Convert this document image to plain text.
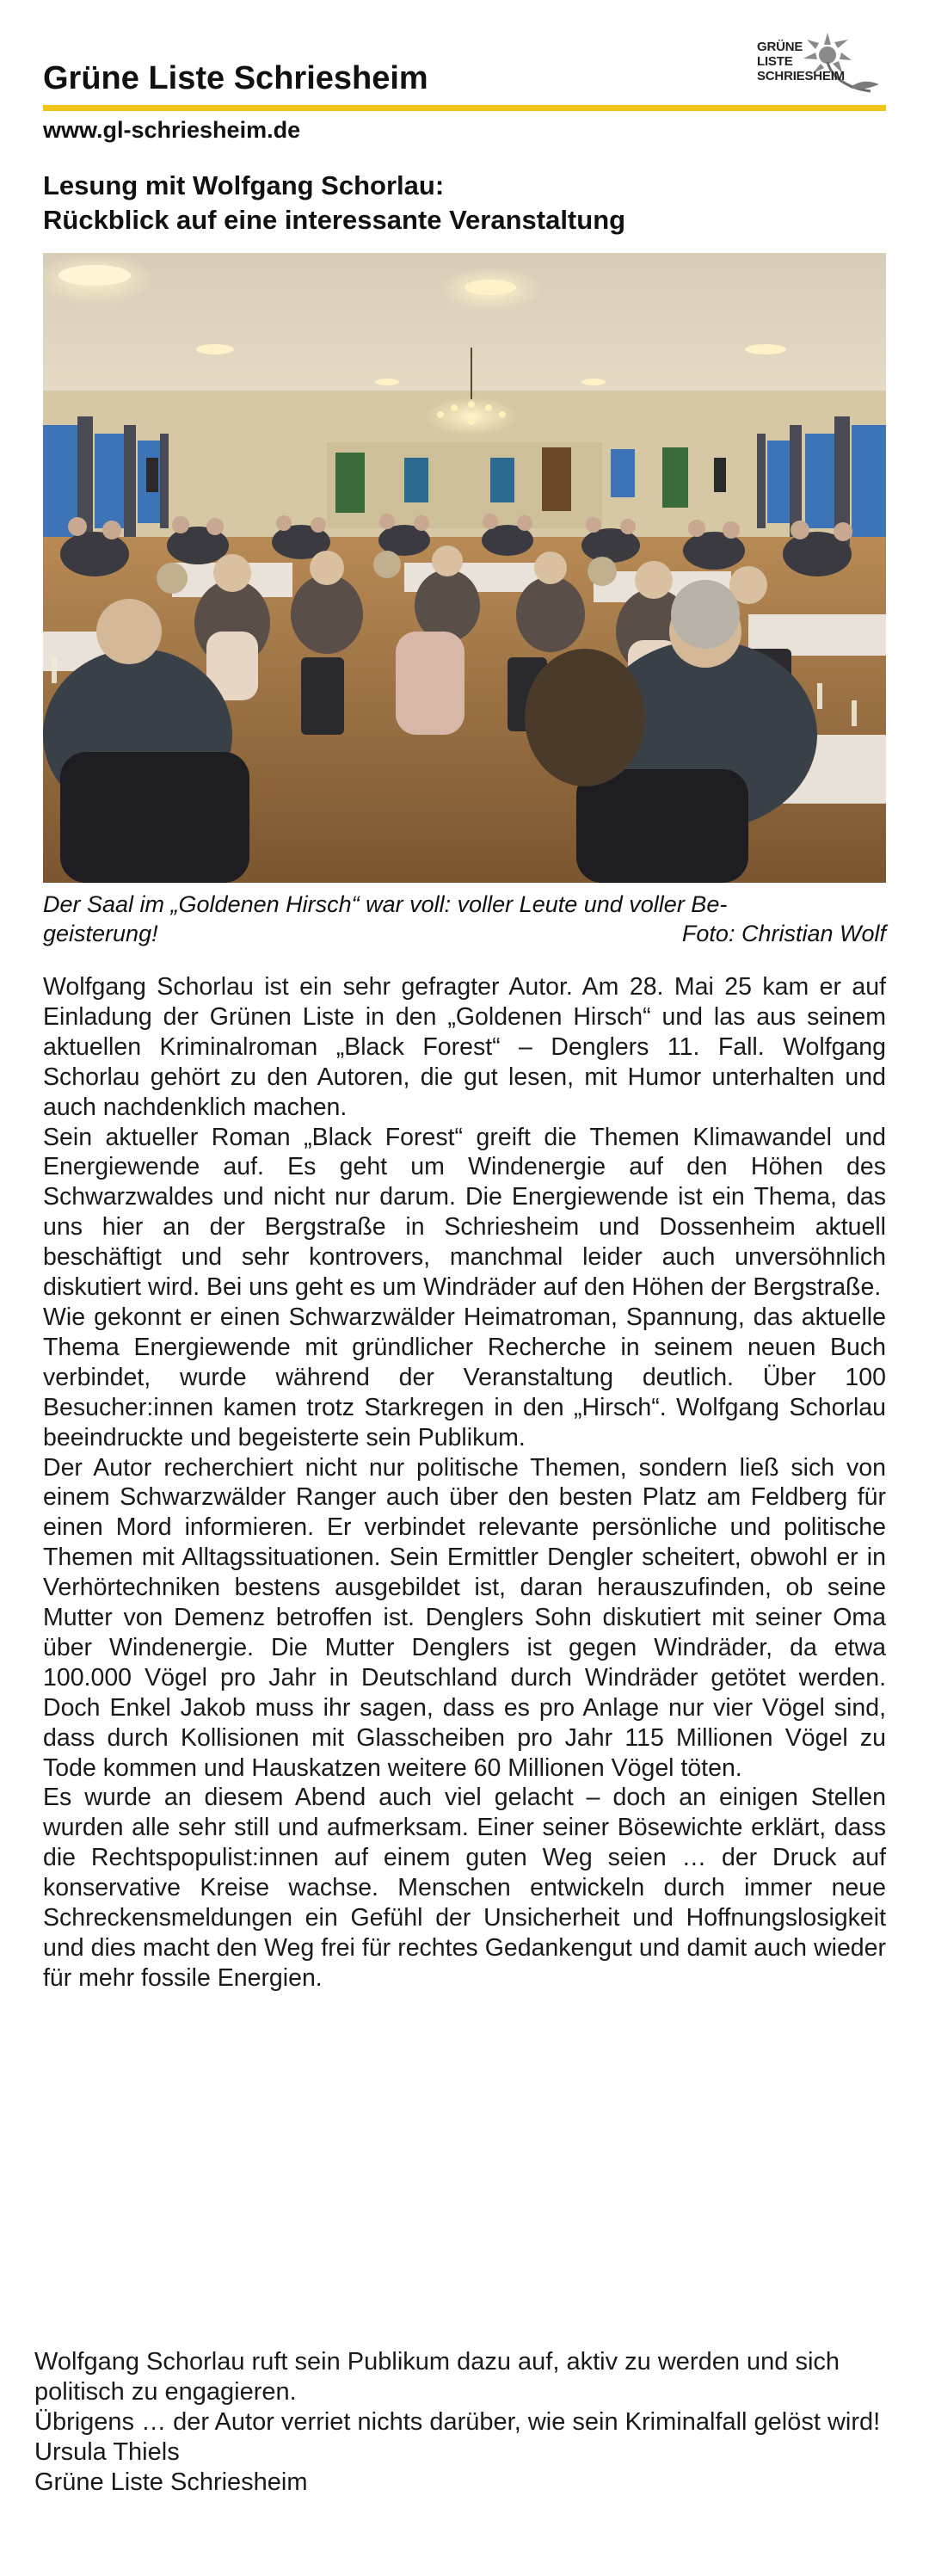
Grüne Liste Schriesheim
GRÜNE
LISTE
SCHRIESHEIM
www.gl-schriesheim.de
Lesung mit Wolfgang Schorlau:
Rückblick auf eine interessante Veranstaltung
Der Saal im „Goldenen Hirsch“ war voll: voller Leute und voller Be-
geisterung!	Foto: Christian Wolf

Wolfgang Schorlau ist ein sehr gefragter Autor. Am 28. Mai 25 kam er auf Einladung der Grünen Liste in den „Goldenen Hirsch“ und las aus seinem aktuellen Kriminalroman „Black Forest“ – Denglers 11. Fall. Wolfgang Schorlau gehört zu den Autoren, die gut lesen, mit Humor unterhalten und auch nachdenklich machen.

Sein aktueller Roman „Black Forest“ greift die Themen Klimawandel und Energiewende auf. Es geht um Windenergie auf den Höhen des Schwarzwaldes und nicht nur darum. Die Energiewende ist ein Thema, das uns hier an der Bergstraße in Schriesheim und Dossenheim aktuell beschäftigt und sehr kontrovers, manchmal leider auch unversöhnlich diskutiert wird. Bei uns geht es um Windräder auf den Höhen der Bergstraße.

Wie gekonnt er einen Schwarzwälder Heimatroman, Spannung, das aktuelle Thema Energiewende mit gründlicher Recherche in seinem neuen Buch verbindet, wurde während der Veranstaltung deutlich. Über 100 Besucher:innen kamen trotz Starkregen in den „Hirsch“. Wolfgang Schorlau beeindruckte und begeisterte sein Publikum.

Der Autor recherchiert nicht nur politische Themen, sondern ließ sich von einem Schwarzwälder Ranger auch über den besten Platz am Feldberg für einen Mord informieren. Er verbindet relevante persönliche und politische Themen mit Alltagssituationen. Sein Ermittler Dengler scheitert, obwohl er in Verhörtechniken bestens ausgebildet ist, daran herauszufinden, ob seine Mutter von Demenz betroffen ist. Denglers Sohn diskutiert mit seiner Oma über Windenergie. Die Mutter Denglers ist gegen Windräder, da etwa 100.000 Vögel pro Jahr in Deutschland durch Windräder getötet werden. Doch Enkel Jakob muss ihr sagen, dass es pro Anlage nur vier Vögel sind, dass durch Kollisionen mit Glasscheiben pro Jahr 115 Millionen Vögel zu Tode kommen und Hauskatzen weitere 60 Millionen Vögel töten.

Es wurde an diesem Abend auch viel gelacht – doch an einigen Stellen wurden alle sehr still und aufmerksam. Einer seiner Bösewichte erklärt, dass die Rechtspopulist:innen auf einem guten Weg seien … der Druck auf konservative Kreise wachse. Menschen entwickeln durch immer neue Schreckensmeldungen ein Gefühl der Unsicherheit und Hoffnungslosigkeit und dies macht den Weg frei für rechtes Gedankengut und damit auch wieder für mehr fossile Energien.

Wolfgang Schorlau ruft sein Publikum dazu auf, aktiv zu werden und sich politisch zu engagieren.

Übrigens … der Autor verriet nichts darüber, wie sein Kriminalfall gelöst wird!

Ursula Thiels

Grüne Liste Schriesheim
